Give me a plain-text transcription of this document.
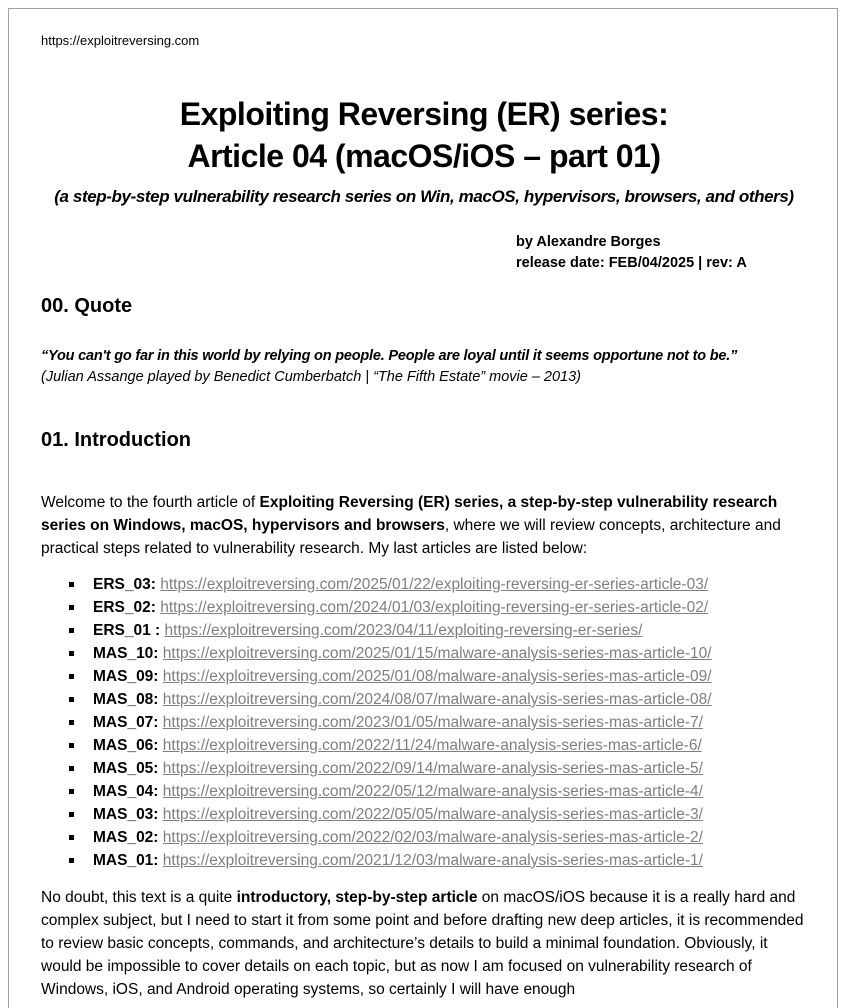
https://exploitreversing.com
Exploiting Reversing (ER) series:
Article 04 (macOS/iOS – part 01)
(a step-by-step vulnerability research series on Win, macOS, hypervisors, browsers, and others)
by Alexandre Borges
release date: FEB/04/2025 | rev: A
00. Quote
“You can't go far in this world by relying on people. People are loyal until it seems opportune not to be.”
(Julian Assange played by Benedict Cumberbatch | “The Fifth Estate” movie – 2013)
01. Introduction
Welcome to the fourth article of Exploiting Reversing (ER) series, a step-by-step vulnerability research series on Windows, macOS, hypervisors and browsers, where we will review concepts, architecture and practical steps related to vulnerability research. My last articles are listed below:
ERS_03: https://exploitreversing.com/2025/01/22/exploiting-reversing-er-series-article-03/
ERS_02: https://exploitreversing.com/2024/01/03/exploiting-reversing-er-series-article-02/
ERS_01 : https://exploitreversing.com/2023/04/11/exploiting-reversing-er-series/
MAS_10: https://exploitreversing.com/2025/01/15/malware-analysis-series-mas-article-10/
MAS_09: https://exploitreversing.com/2025/01/08/malware-analysis-series-mas-article-09/
MAS_08: https://exploitreversing.com/2024/08/07/malware-analysis-series-mas-article-08/
MAS_07: https://exploitreversing.com/2023/01/05/malware-analysis-series-mas-article-7/
MAS_06: https://exploitreversing.com/2022/11/24/malware-analysis-series-mas-article-6/
MAS_05: https://exploitreversing.com/2022/09/14/malware-analysis-series-mas-article-5/
MAS_04: https://exploitreversing.com/2022/05/12/malware-analysis-series-mas-article-4/
MAS_03: https://exploitreversing.com/2022/05/05/malware-analysis-series-mas-article-3/
MAS_02: https://exploitreversing.com/2022/02/03/malware-analysis-series-mas-article-2/
MAS_01: https://exploitreversing.com/2021/12/03/malware-analysis-series-mas-article-1/
No doubt, this text is a quite introductory, step-by-step article on macOS/iOS because it is a really hard and complex subject, but I need to start it from some point and before drafting new deep articles, it is recommended to review basic concepts, commands, and architecture’s details to build a minimal foundation. Obviously, it would be impossible to cover details on each topic, but as now I am focused on vulnerability research of Windows, iOS, and Android operating systems, so certainly I will have enough
